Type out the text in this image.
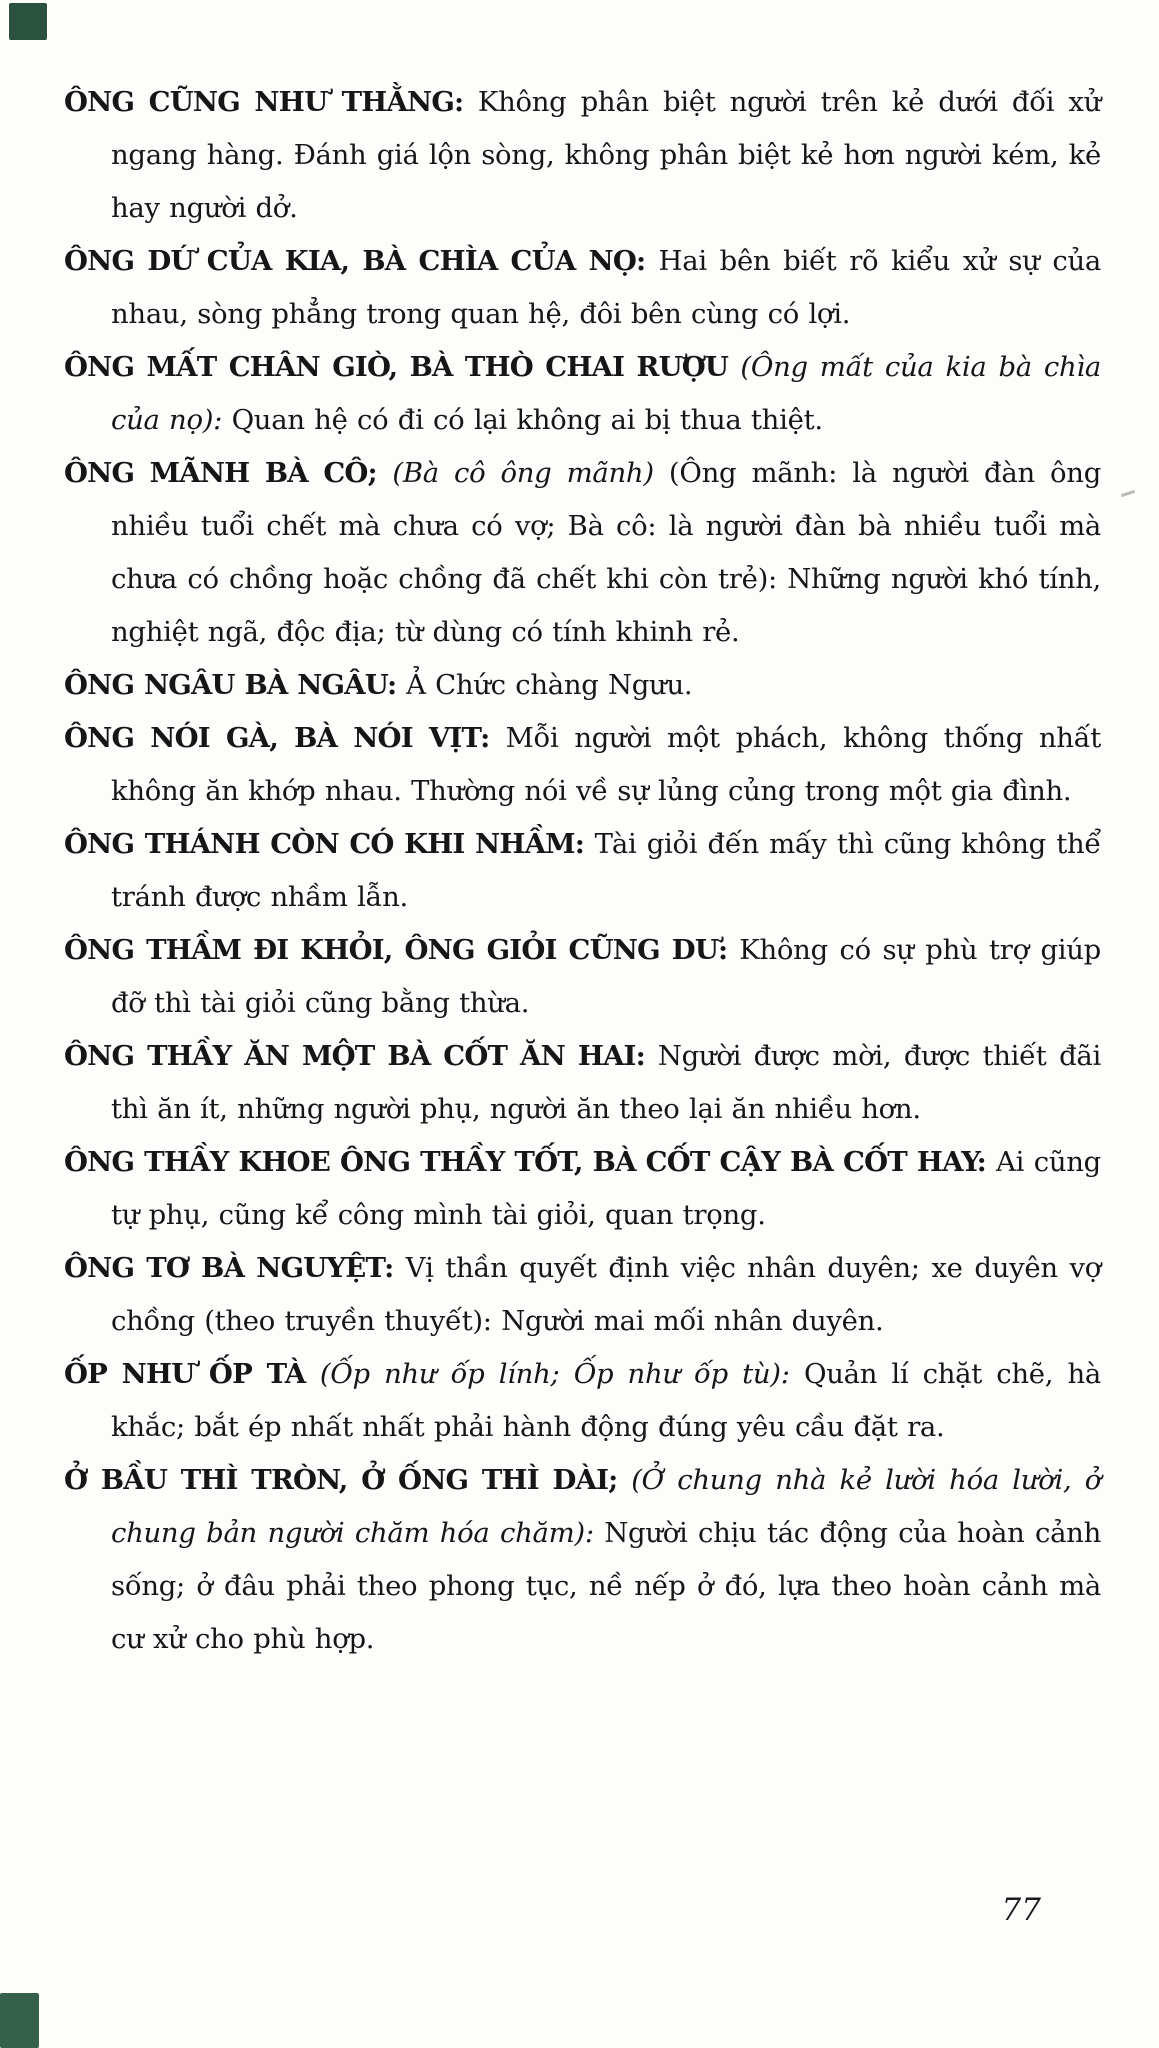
ÔNG CŨNG NHƯ THẰNG: Không phân biệt người trên kẻ dưới đối xử ngang hàng. Đánh giá lộn sòng, không phân biệt kẻ hơn người kém, kẻ hay người dở.

ÔNG DỨ CỦA KIA, BÀ CHÌA CỦA NỌ: Hai bên biết rõ kiểu xử sự của nhau, sòng phẳng trong quan hệ, đôi bên cùng có lợi.

ÔNG MẤT CHÂN GIÒ, BÀ THÒ CHAI RƯỢU (Ông mất của kia bà chìa của nọ): Quan hệ có đi có lại không ai bị thua thiệt.

ÔNG MÃNH BÀ CÔ; (Bà cô ông mãnh) (Ông mãnh: là người đàn ông nhiều tuổi chết mà chưa có vợ; Bà cô: là người đàn bà nhiều tuổi mà chưa có chồng hoặc chồng đã chết khi còn trẻ): Những người khó tính, nghiệt ngã, độc địa; từ dùng có tính khinh rẻ.

ÔNG NGÂU BÀ NGÂU: Ả Chức chàng Ngưu.

ÔNG NÓI GÀ, BÀ NÓI VỊT: Mỗi người một phách, không thống nhất không ăn khớp nhau. Thường nói về sự lủng củng trong một gia đình.

ÔNG THÁNH CÒN CÓ KHI NHẦM: Tài giỏi đến mấy thì cũng không thể tránh được nhầm lẫn.

ÔNG THẦM ĐI KHỎI, ÔNG GIỎI CŨNG DƯ: Không có sự phù trợ giúp đỡ thì tài giỏi cũng bằng thừa.

ÔNG THẦY ĂN MỘT BÀ CỐT ĂN HAI: Người được mời, được thiết đãi thì ăn ít, những người phụ, người ăn theo lại ăn nhiều hơn.

ÔNG THẦY KHOE ÔNG THẦY TỐT, BÀ CỐT CẬY BÀ CỐT HAY: Ai cũng tự phụ, cũng kể công mình tài giỏi, quan trọng.

ÔNG TƠ BÀ NGUYỆT: Vị thần quyết định việc nhân duyên; xe duyên vợ chồng (theo truyền thuyết): Người mai mối nhân duyên.

ỐP NHƯ ỐP TÀ (Ốp như ốp lính; Ốp như ốp tù): Quản lí chặt chẽ, hà khắc; bắt ép nhất nhất phải hành động đúng yêu cầu đặt ra.

Ở BẦU THÌ TRÒN, Ở ỐNG THÌ DÀI; (Ở chung nhà kẻ lười hóa lười, ở chung bản người chăm hóa chăm): Người chịu tác động của hoàn cảnh sống; ở đâu phải theo phong tục, nề nếp ở đó, lựa theo hoàn cảnh mà cư xử cho phù hợp.

77
